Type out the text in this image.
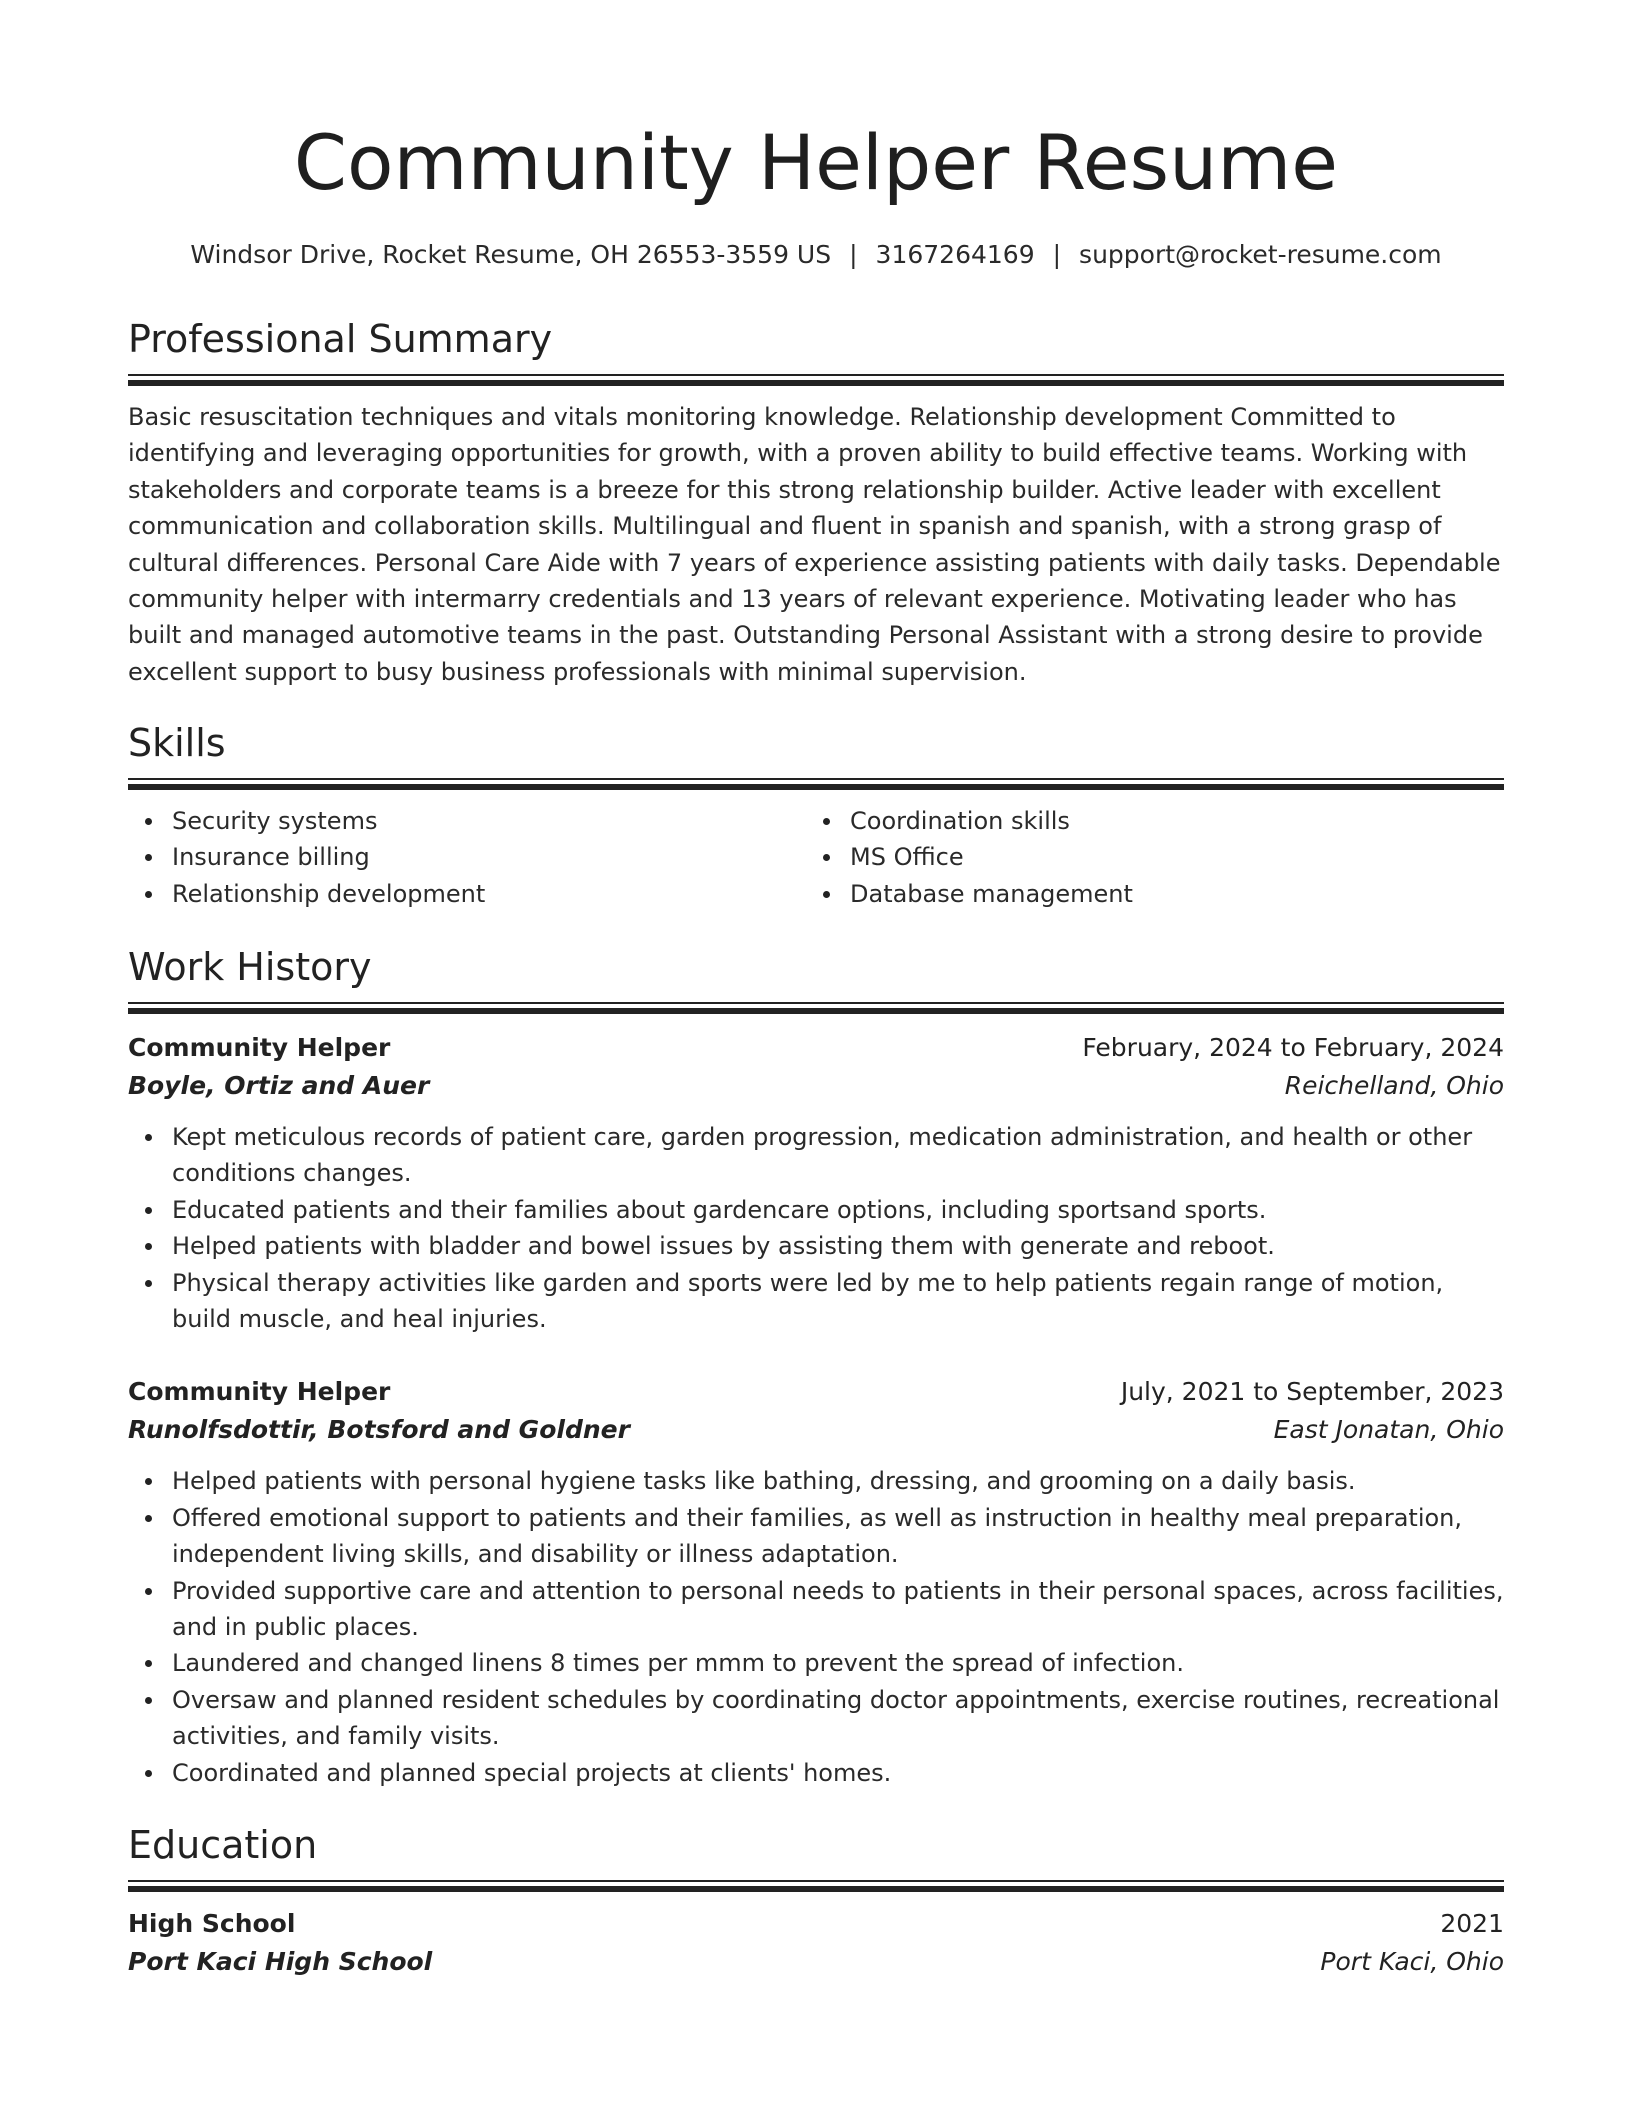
Community Helper Resume
Windsor Drive, Rocket Resume, OH 26553-3559 US | 3167264169 | support@rocket-resume.com
Professional Summary

Basic resuscitation techniques and vitals monitoring knowledge. Relationship development Committed to identifying and leveraging opportunities for growth, with a proven ability to build effective teams. Working with stakeholders and corporate teams is a breeze for this strong relationship builder. Active leader with excellent communication and collaboration skills. Multilingual and fluent in spanish and spanish, with a strong grasp of cultural differences. Personal Care Aide with 7 years of experience assisting patients with daily tasks. Dependable community helper with intermarry credentials and 13 years of relevant experience. Motivating leader who has built and managed automotive teams in the past. Outstanding Personal Assistant with a strong desire to provide excellent support to busy business professionals with minimal supervision.

Skills
Security systems
Insurance billing
Relationship development
Coordination skills
MS Office
Database management
Work History
Community Helper	February, 2024 to February, 2024
Boyle, Ortiz and Auer	Reichelland, Ohio
Kept meticulous records of patient care, garden progression, medication administration, and health or other conditions changes.
Educated patients and their families about gardencare options, including sportsand sports.
Helped patients with bladder and bowel issues by assisting them with generate and reboot.
Physical therapy activities like garden and sports were led by me to help patients regain range of motion, build muscle, and heal injuries.
Community Helper	July, 2021 to September, 2023
Runolfsdottir, Botsford and Goldner	East Jonatan, Ohio
Helped patients with personal hygiene tasks like bathing, dressing, and grooming on a daily basis.
Offered emotional support to patients and their families, as well as instruction in healthy meal preparation, independent living skills, and disability or illness adaptation.
Provided supportive care and attention to personal needs to patients in their personal spaces, across facilities, and in public places.
Laundered and changed linens 8 times per mmm to prevent the spread of infection.
Oversaw and planned resident schedules by coordinating doctor appointments, exercise routines, recreational activities, and family visits.
Coordinated and planned special projects at clients' homes.
Education
High School	2021
Port Kaci High School	Port Kaci, Ohio
